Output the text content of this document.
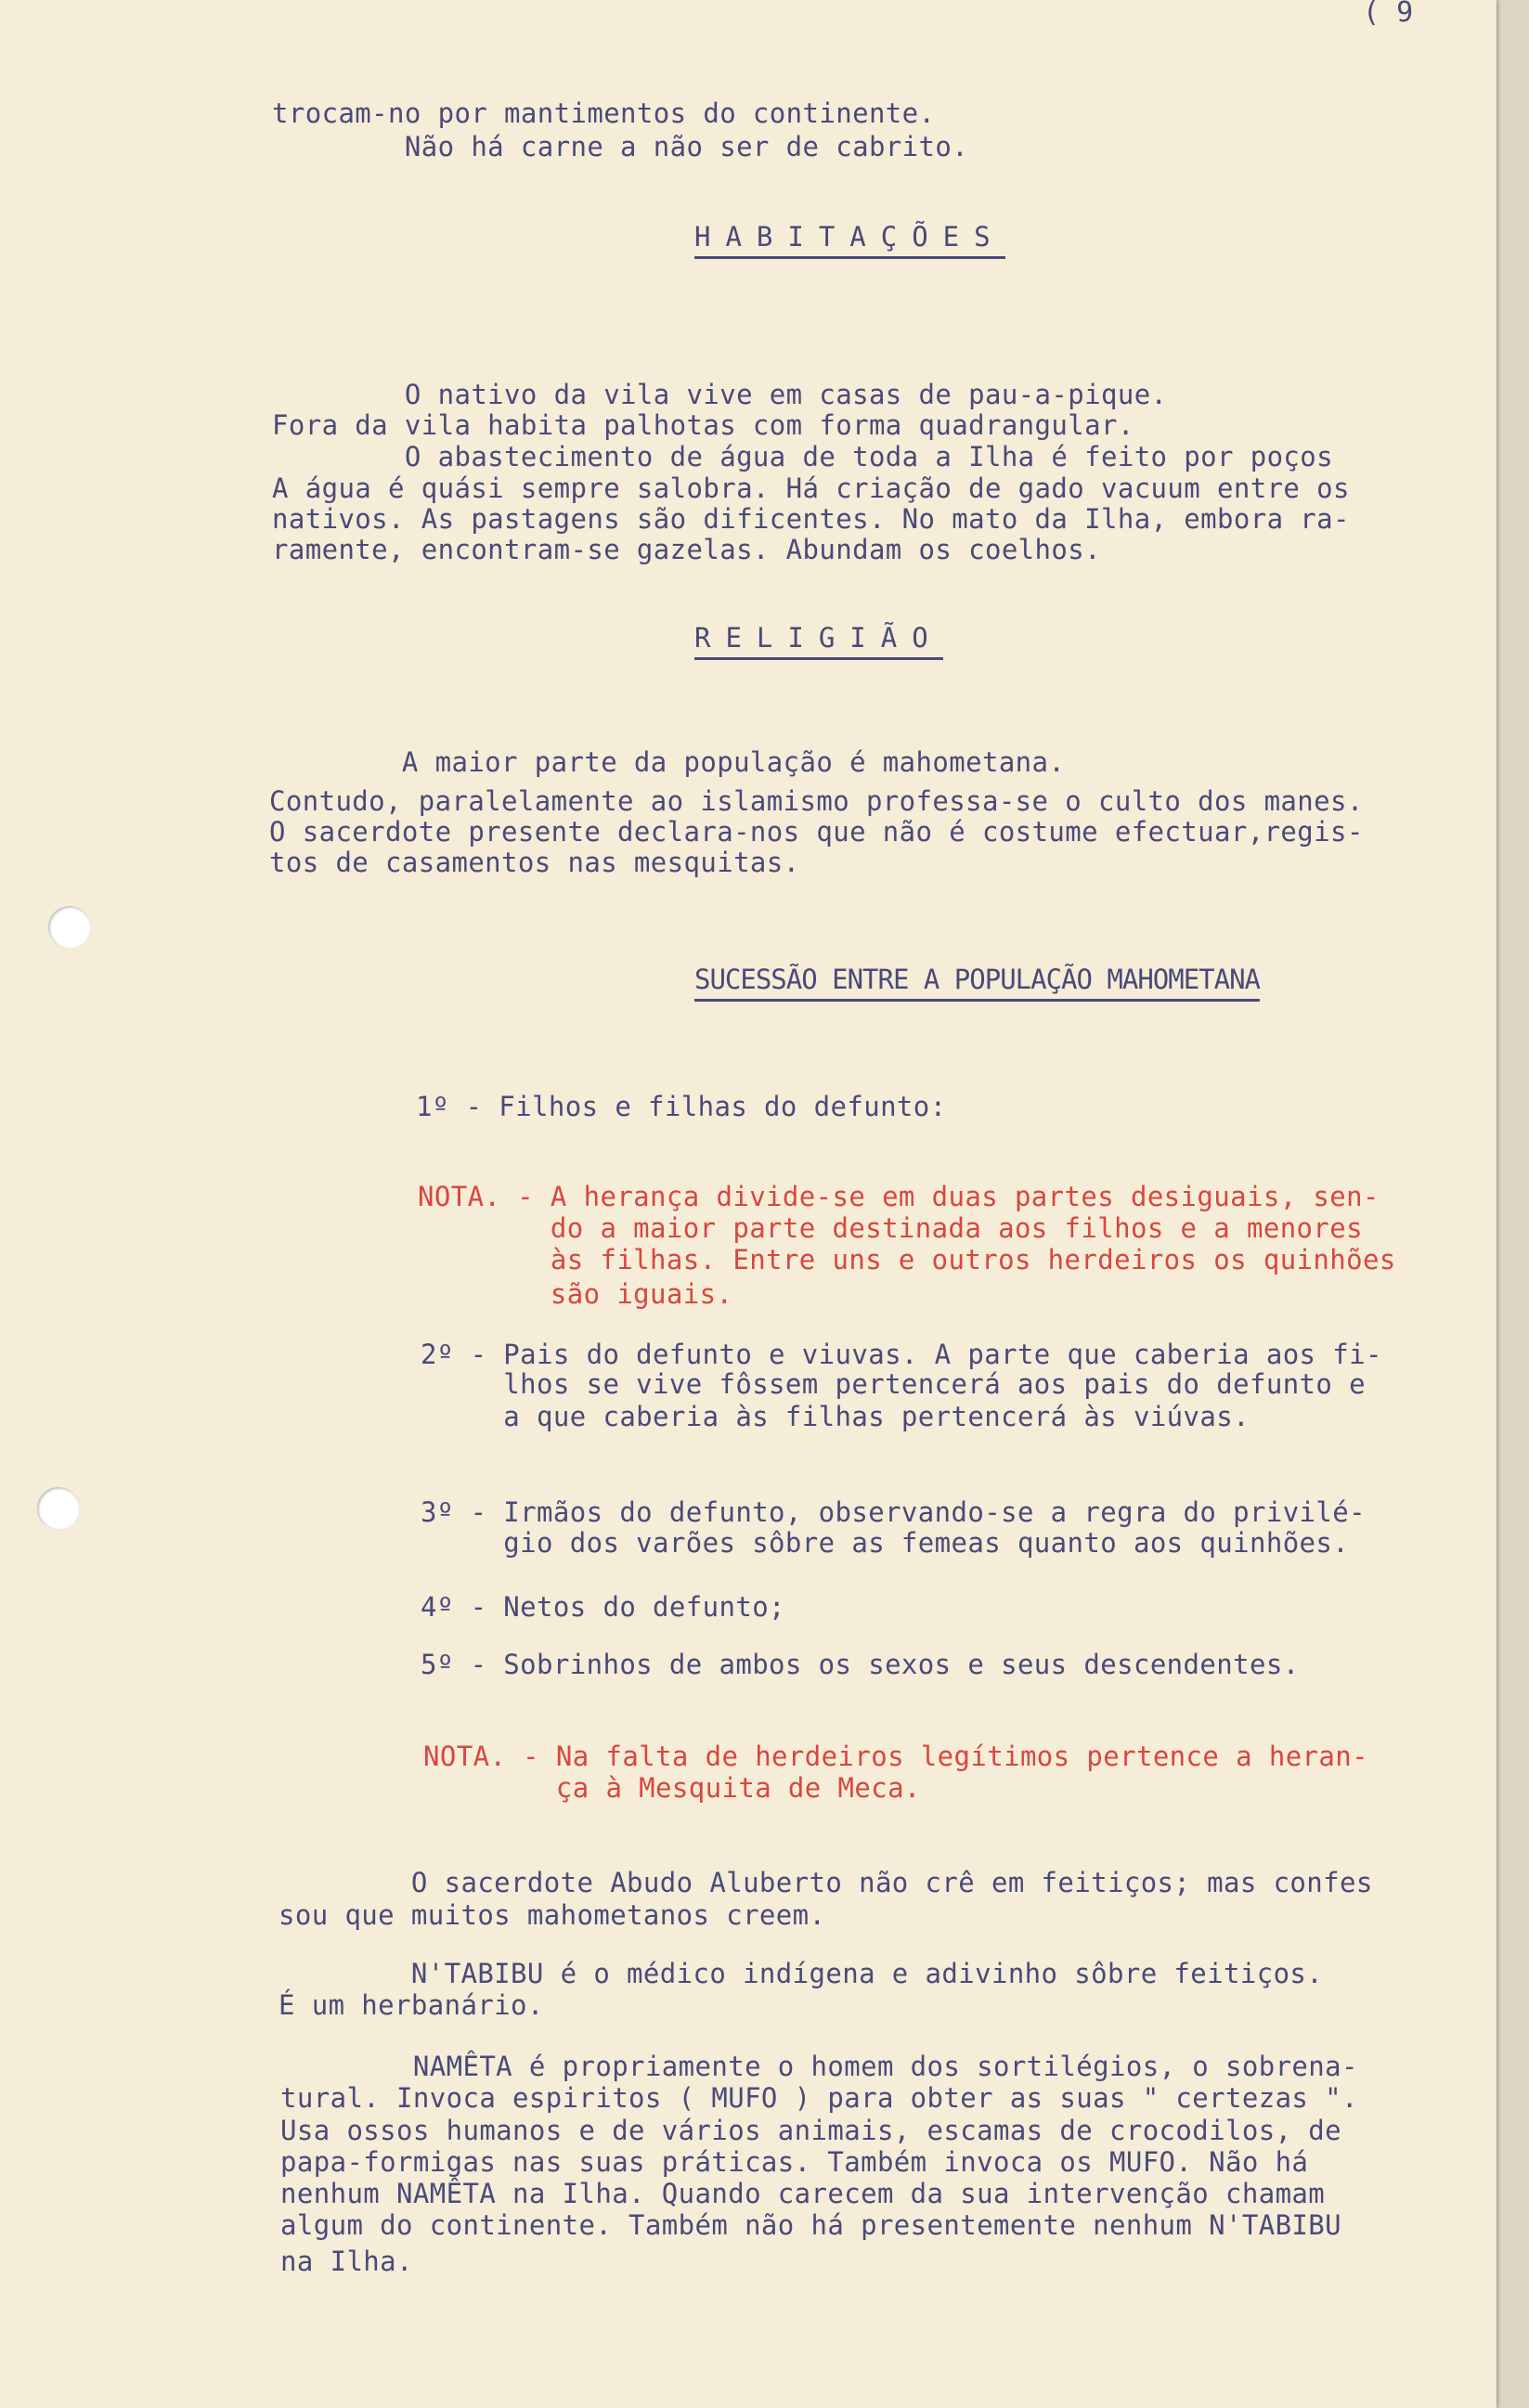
( 9
trocam-no por mantimentos do continente.
Não há carne a não ser de cabrito.
HABITAÇÕES
O nativo da vila vive em casas de pau-a-pique.
Fora da vila habita palhotas com forma quadrangular.
O abastecimento de água de toda a Ilha é feito por poços
A água é quási sempre salobra. Há criação de gado vacuum entre os
nativos. As pastagens são dificentes. No mato da Ilha, embora ra-
ramente, encontram-se gazelas. Abundam os coelhos.
RELIGIÃO
A maior parte da população é mahometana.
Contudo, paralelamente ao islamismo professa-se o culto dos manes.
O sacerdote presente declara-nos que não é costume efectuar,regis-
tos de casamentos nas mesquitas.
SUCESSÃO ENTRE A POPULAÇÃO MAHOMETANA
1º - Filhos e filhas do defunto:
NOTA. - A herança divide-se em duas partes desiguais, sen-
do a maior parte destinada aos filhos e a menores
às filhas. Entre uns e outros herdeiros os quinhões
são iguais.
2º - Pais do defunto e viuvas. A parte que caberia aos fi-
lhos se vive fôssem pertencerá aos pais do defunto e
a que caberia às filhas pertencerá às viúvas.
3º - Irmãos do defunto, observando-se a regra do privilé-
gio dos varões sôbre as femeas quanto aos quinhões.
4º - Netos do defunto;
5º - Sobrinhos de ambos os sexos e seus descendentes.
NOTA. - Na falta de herdeiros legítimos pertence a heran-
ça à Mesquita de Meca.
O sacerdote Abudo Aluberto não crê em feitiços; mas confes
sou que muitos mahometanos creem.
N'TABIBU é o médico indígena e adivinho sôbre feitiços.
É um herbanário.
NAMÊTA é propriamente o homem dos sortilégios, o sobrena-
tural. Invoca espiritos ( MUFO ) para obter as suas " certezas ".
Usa ossos humanos e de vários animais, escamas de crocodilos, de
papa-formigas nas suas práticas. Também invoca os MUFO. Não há
nenhum NAMÊTA na Ilha. Quando carecem da sua intervenção chamam
algum do continente. Também não há presentemente nenhum N'TABIBU
na Ilha.
